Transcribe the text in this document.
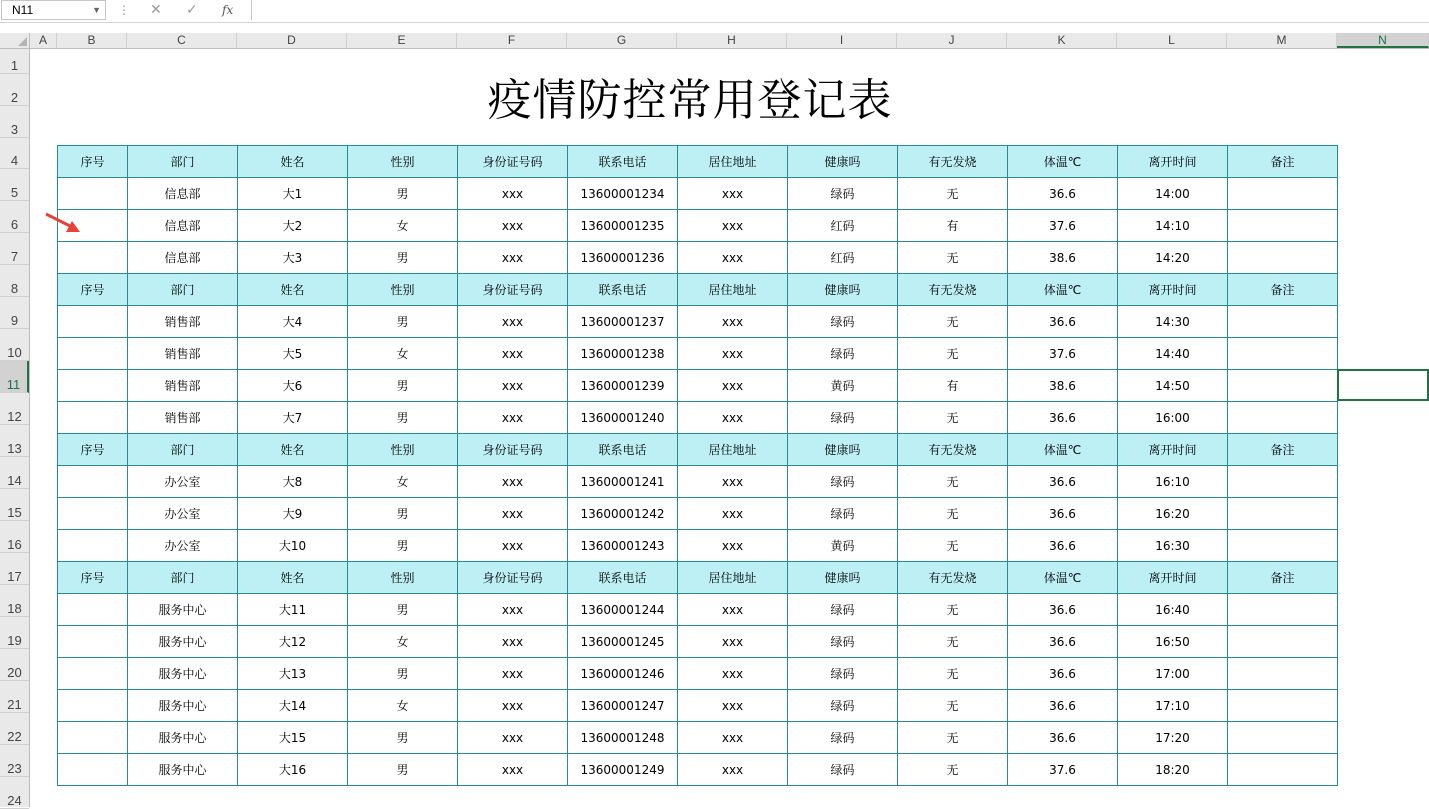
N11	▼ ⋮ ✕ ✓ fx
A	B	C	D	E	F	G	H	I	J	K	L	M	N
1
2
3
4
5
6
7
8
9
10
11
12
13
14
15
16
17
18
19
20
21
22
23
24
疫情防控常用登记表
序号	部门	姓名	性别	身份证号码	联系电话	居住地址	健康吗	有无发烧	体温℃	离开时间	备注
	信息部	大1	男	xxx	13600001234	xxx	绿码	无	36.6	14:00	
	信息部	大2	女	xxx	13600001235	xxx	红码	有	37.6	14:10	
	信息部	大3	男	xxx	13600001236	xxx	红码	无	38.6	14:20	
序号	部门	姓名	性别	身份证号码	联系电话	居住地址	健康吗	有无发烧	体温℃	离开时间	备注
	销售部	大4	男	xxx	13600001237	xxx	绿码	无	36.6	14:30	
	销售部	大5	女	xxx	13600001238	xxx	绿码	无	37.6	14:40	
	销售部	大6	男	xxx	13600001239	xxx	黄码	有	38.6	14:50	
	销售部	大7	男	xxx	13600001240	xxx	绿码	无	36.6	16:00	
序号	部门	姓名	性别	身份证号码	联系电话	居住地址	健康吗	有无发烧	体温℃	离开时间	备注
	办公室	大8	女	xxx	13600001241	xxx	绿码	无	36.6	16:10	
	办公室	大9	男	xxx	13600001242	xxx	绿码	无	36.6	16:20	
	办公室	大10	男	xxx	13600001243	xxx	黄码	无	36.6	16:30	
序号	部门	姓名	性别	身份证号码	联系电话	居住地址	健康吗	有无发烧	体温℃	离开时间	备注
	服务中心	大11	男	xxx	13600001244	xxx	绿码	无	36.6	16:40	
	服务中心	大12	女	xxx	13600001245	xxx	绿码	无	36.6	16:50	
	服务中心	大13	男	xxx	13600001246	xxx	绿码	无	36.6	17:00	
	服务中心	大14	女	xxx	13600001247	xxx	绿码	无	36.6	17:10	
	服务中心	大15	男	xxx	13600001248	xxx	绿码	无	36.6	17:20	
	服务中心	大16	男	xxx	13600001249	xxx	绿码	无	37.6	18:20	
